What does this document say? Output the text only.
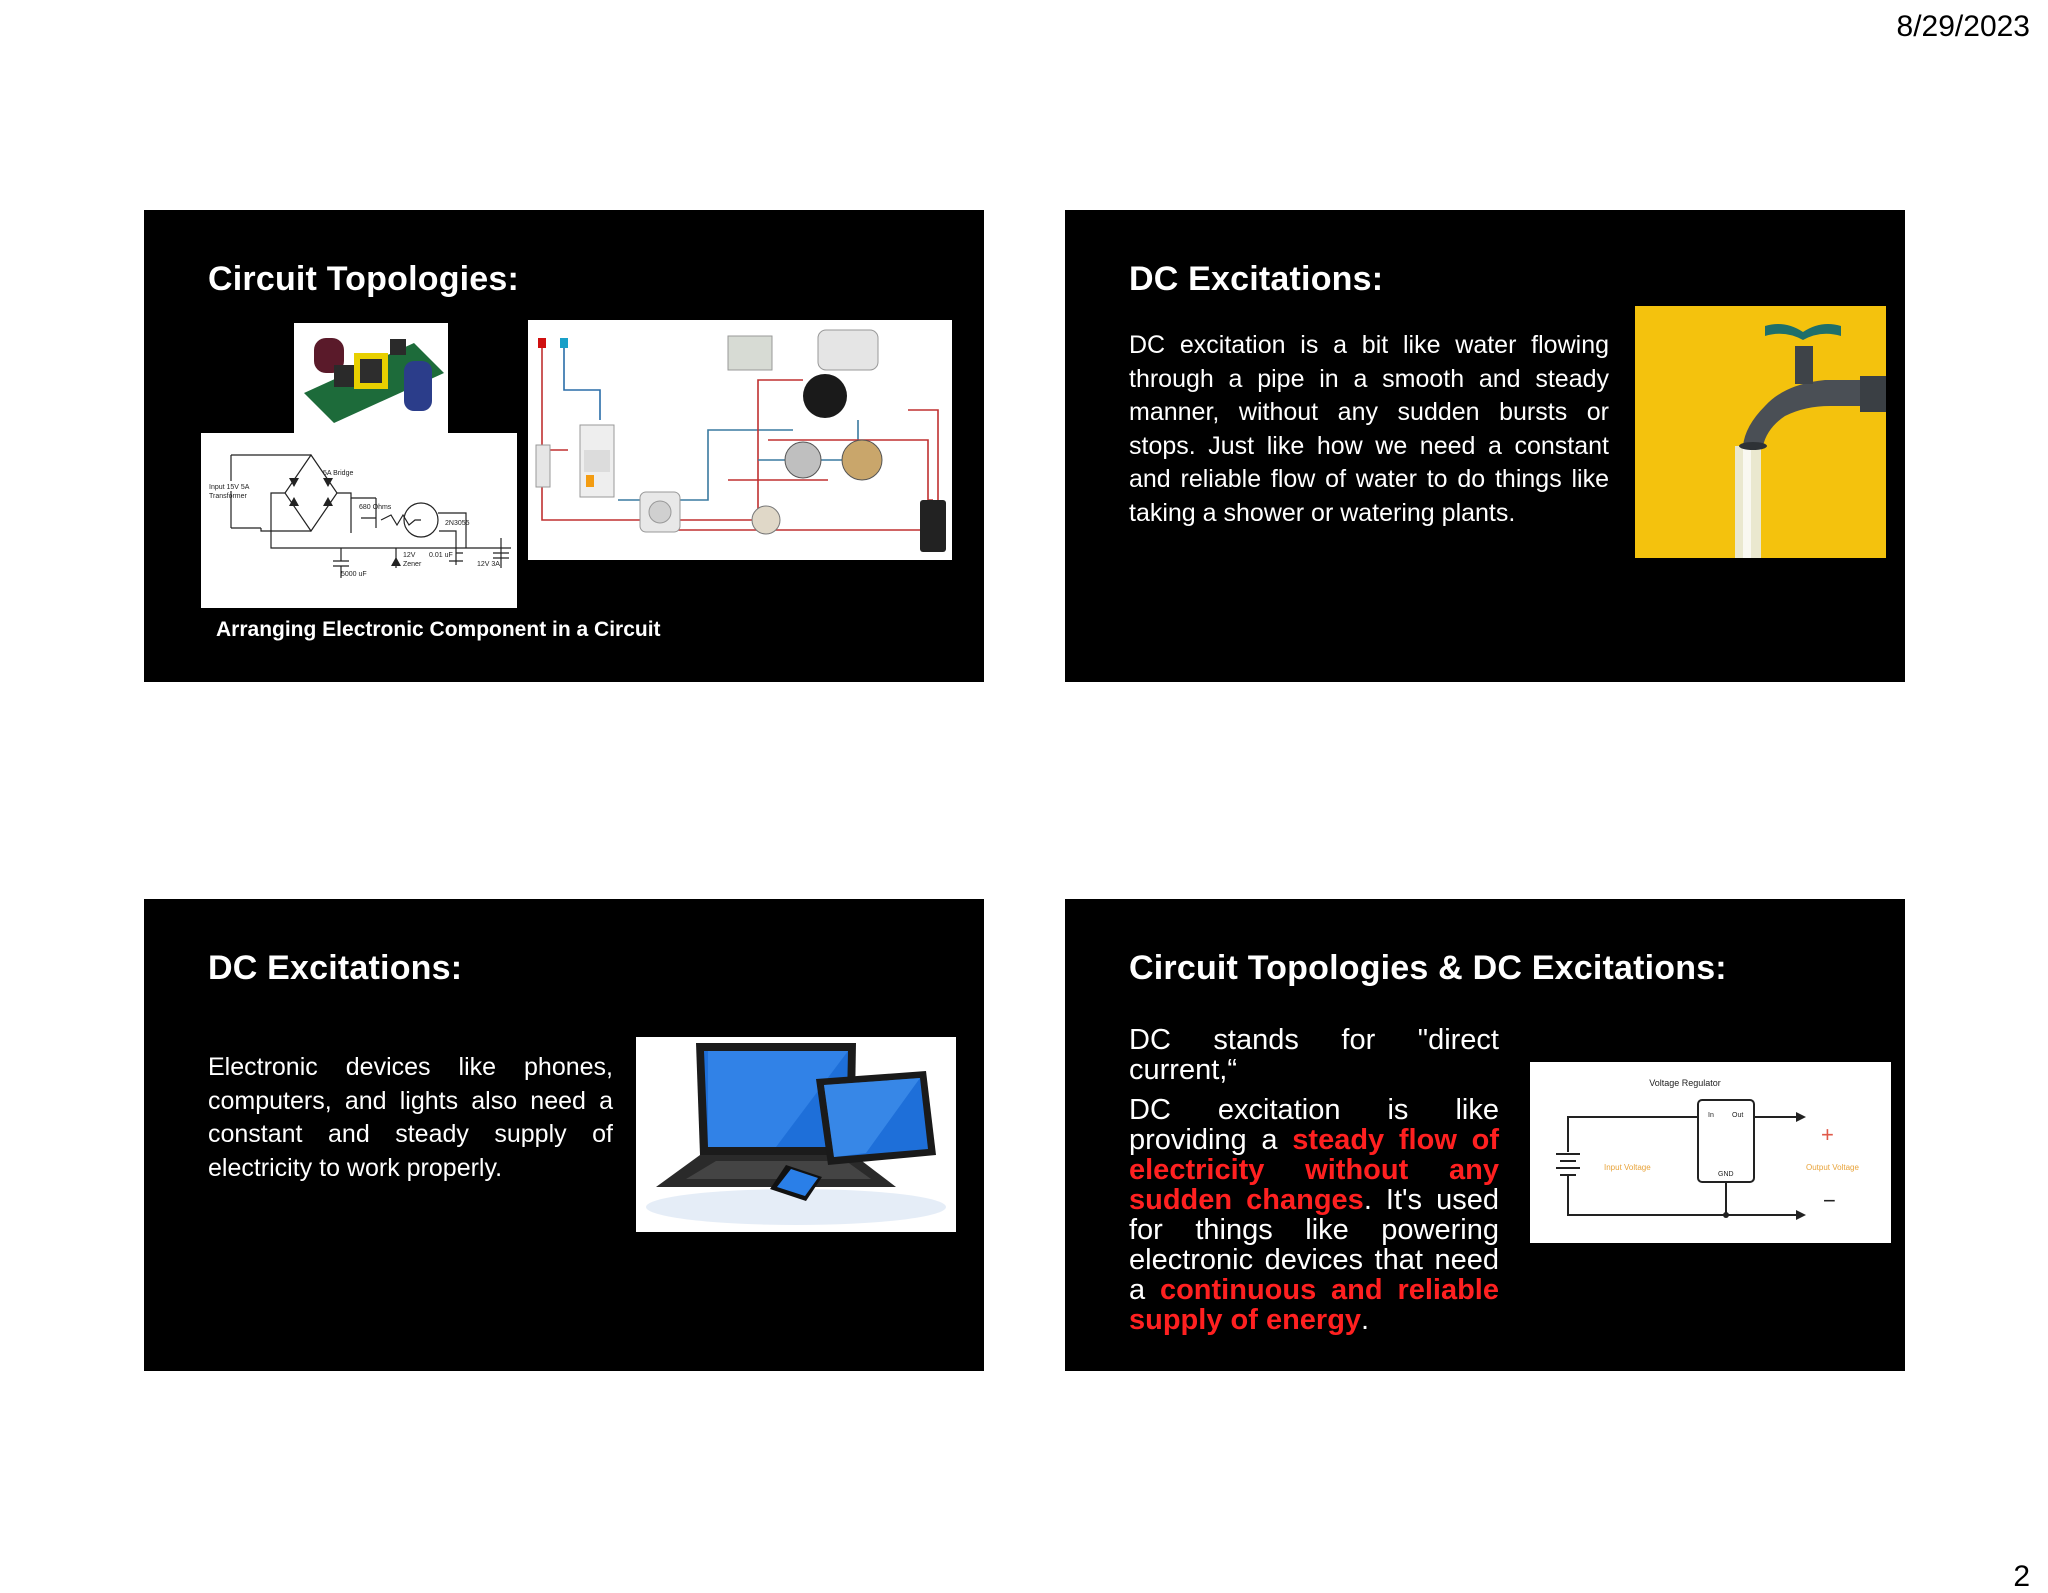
8/29/2023
Circuit Topologies:
Input 15V 5A
Transformer
5A Bridge
680 Ohms
2N3055
12V
Zener
0.01 uF
12V 3A
5000 uF
Arranging Electronic Component in a Circuit
DC Excitations:
DC excitation is a bit like water flowing through a pipe in a smooth and steady manner, without any sudden bursts or stops. Just like how we need a constant and reliable flow of water to do things like taking a shower or watering plants.
DC Excitations:
Electronic devices like phones, computers, and lights also need a constant and steady supply of electricity to work properly.
Circuit Topologies & DC Excitations:
DC stands for "direct current,“
DC excitation is like providing a steady flow of electricity without any sudden changes. It's used for things like powering electronic devices that need a continuous and reliable supply of energy.
Voltage Regulator
In	Out
GND
Input Voltage	Output Voltage
+
−
2
